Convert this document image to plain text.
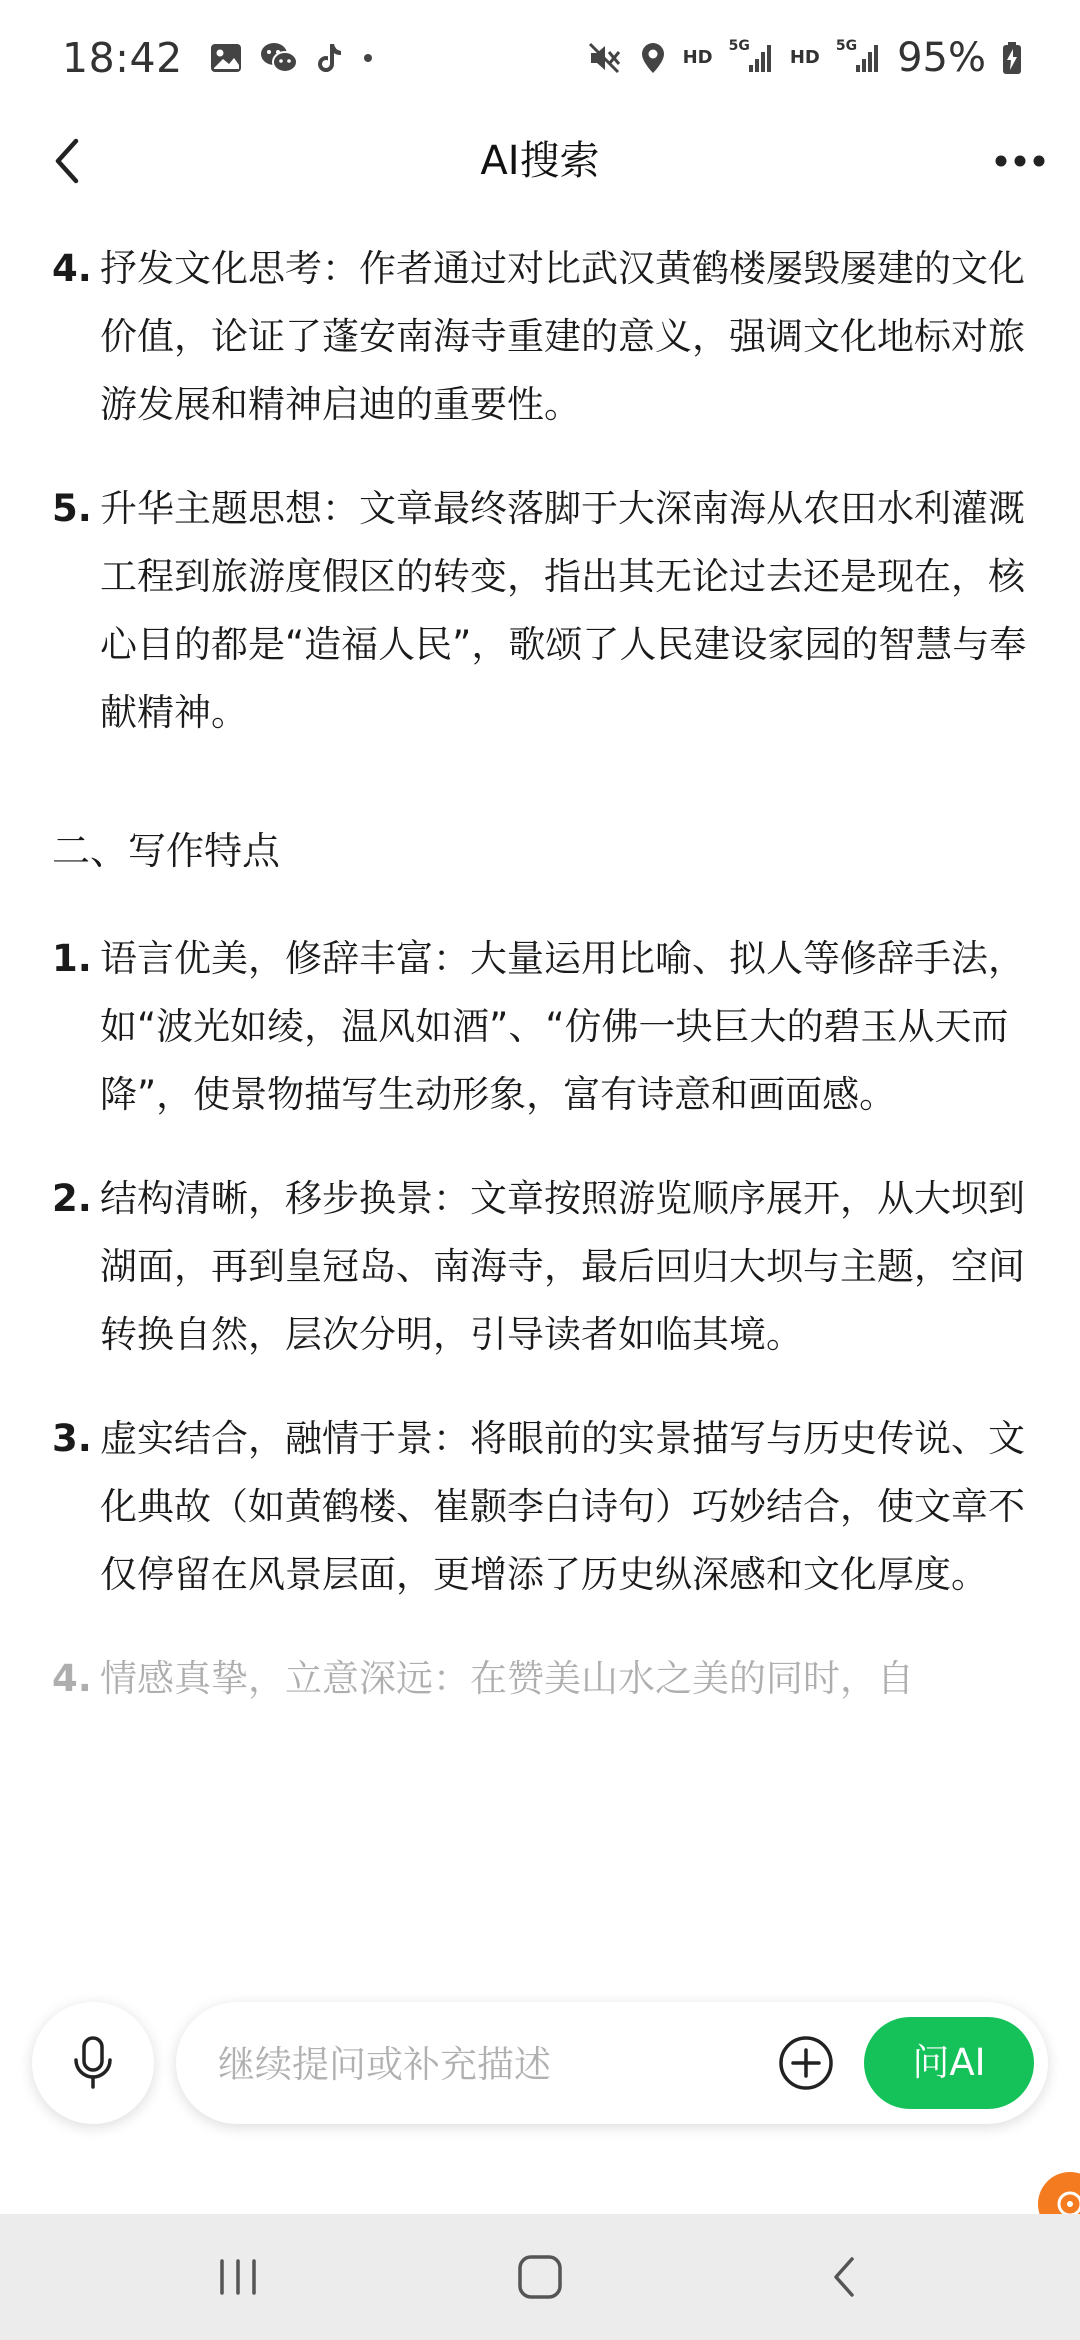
18:42	HD
5G
HD
5G 95%
AI搜索
4. 抒发文化思考：作者通过对比武汉黄鹤楼屡毁屡建的文化价值，论证了蓬安南海寺重建的意义，强调文化地标对旅游发展和精神启迪的重要性。
5. 升华主题思想：文章最终落脚于大深南海从农田水利灌溉工程到旅游度假区的转变，指出其无论过去还是现在，核心目的都是“造福人民”，歌颂了人民建设家园的智慧与奉献精神。
二、写作特点
1. 语言优美，修辞丰富：大量运用比喻、拟人等修辞手法，如“波光如绫，温风如酒”、“仿佛一块巨大的碧玉从天而降”，使景物描写生动形象，富有诗意和画面感。
2. 结构清晰，移步换景：文章按照游览顺序展开，从大坝到湖面，再到皇冠岛、南海寺，最后回归大坝与主题，空间转换自然，层次分明，引导读者如临其境。
3. 虚实结合，融情于景：将眼前的实景描写与历史传说、文化典故（如黄鹤楼、崔颢李白诗句）巧妙结合，使文章不仅停留在风景层面，更增添了历史纵深感和文化厚度。
4. 情感真挚，立意深远：在赞美山水之美的同时，自
继续提问或补充描述
问AI
